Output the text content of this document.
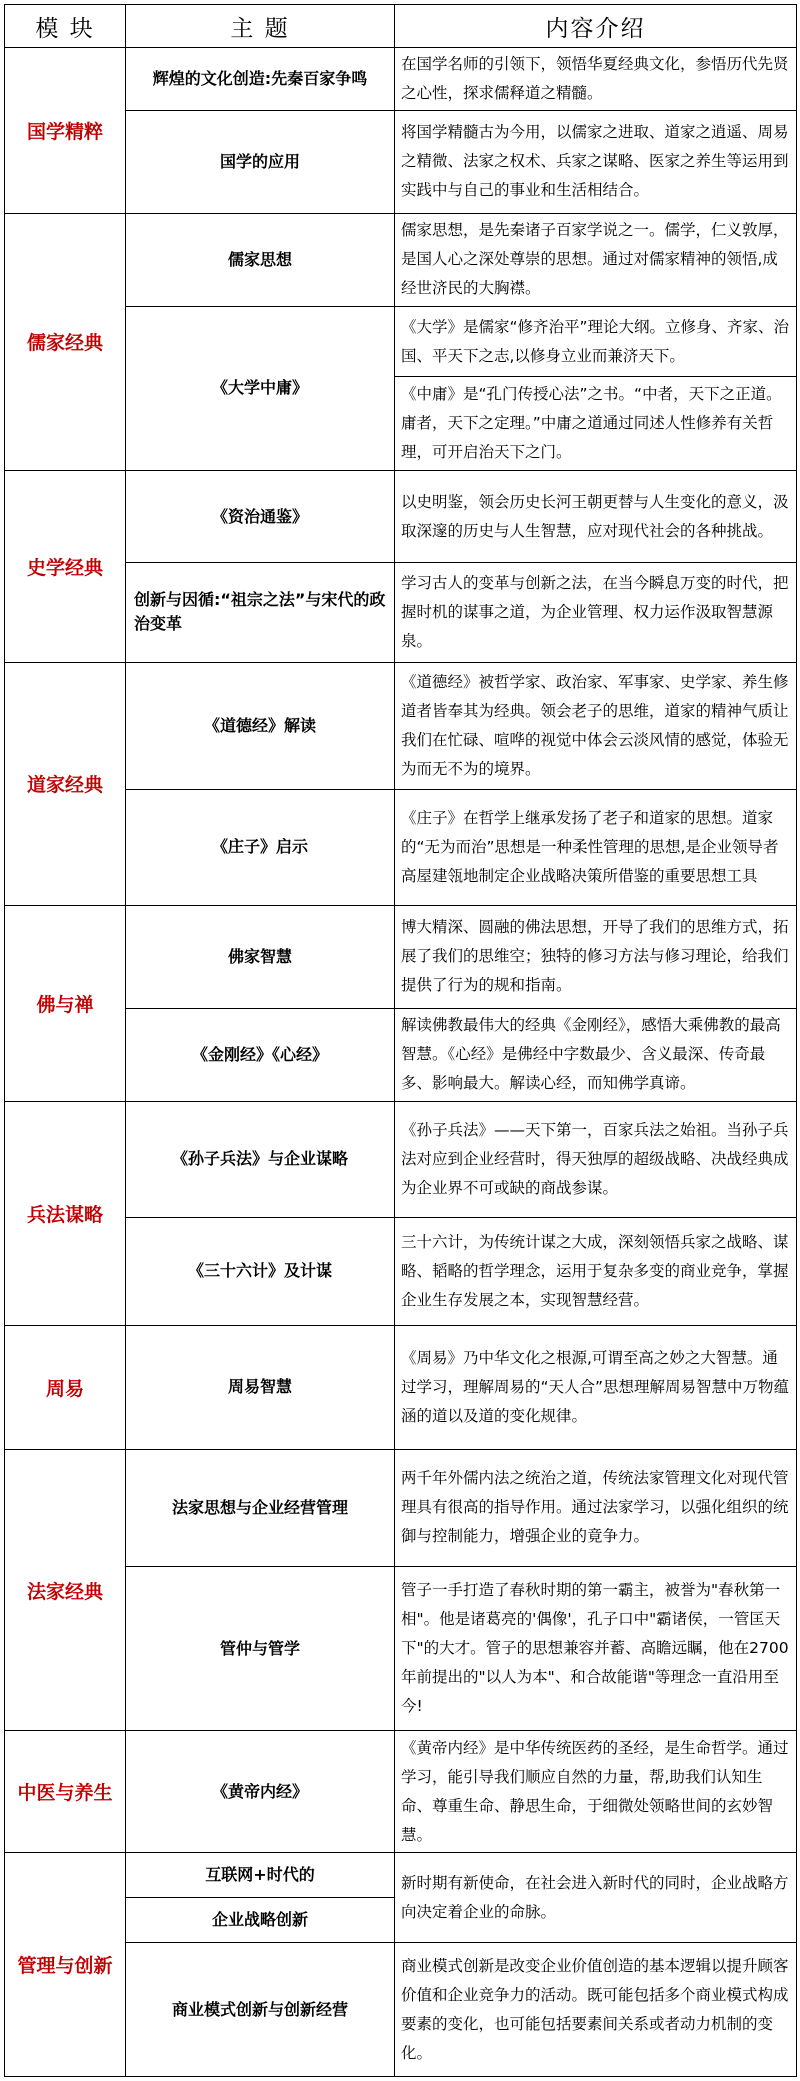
模 块	主 题	内容介绍
国学精粹	辉煌的文化创造:先秦百家争鸣	在国学名师的引领下，领悟华夏经典文化，参悟历代先贤之心性，探求儒释道之精髓。
	国学的应用	将国学精髓古为今用，以儒家之进取、道家之逍遥、周易之精微、法家之权术、兵家之谋略、医家之养生等运用到实践中与自己的事业和生活相结合。
儒家经典	儒家思想	儒家思想，是先秦诸子百家学说之一。儒学，仁义敦厚，是国人心之深处尊崇的思想。通过对儒家精神的领悟,成经世济民的大胸襟。
	《大学中庸》	《大学》是儒家“修齐治平”理论大纲。立修身、齐家、治国、平天下之志,以修身立业而兼济天下。
		《中庸》是“孔门传授心法”之书。“中者，天下之正道。庸者，天下之定理。”中庸之道通过同述人性修养有关哲理，可开启治天下之门。
史学经典	《资治通鉴》	以史明鉴，领会历史长河王朝更替与人生变化的意义，汲取深邃的历史与人生智慧，应对现代社会的各种挑战。
	创新与因循:“祖宗之法”与宋代的政治变革	学习古人的变革与创新之法，在当今瞬息万变的时代，把握时机的谋事之道，为企业管理、权力运作汲取智慧源泉。
道家经典	《道德经》解读	《道德经》被哲学家、政治家、军事家、史学家、养生修道者皆奉其为经典。领会老子的思维，道家的精神气质让我们在忙碌、喧哗的视觉中体会云淡风情的感觉，体验无为而无不为的境界。
	《庄子》启示	《庄子》在哲学上继承发扬了老子和道家的思想。道家的“无为而治”思想是一种柔性管理的思想,是企业领导者高屋建瓴地制定企业战略决策所借鉴的重要思想工具
佛与禅	佛家智慧	博大精深、圆融的佛法思想，开导了我们的思维方式，拓展了我们的思维空；独特的修习方法与修习理论，给我们提供了行为的规和指南。
	《金刚经》《心经》	解读佛教最伟大的经典《金刚经》，感悟大乘佛教的最高智慧。《心经》是佛经中字数最少、含义最深、传奇最多、影响最大。解读心经，而知佛学真谛。
兵法谋略	《孙子兵法》与企业谋略	《孙子兵法》——天下第一，百家兵法之始祖。当孙子兵法对应到企业经营时，得天独厚的超级战略、决战经典成为企业界不可或缺的商战参谋。
	《三十六计》及计谋	三十六计，为传统计谋之大成，深刻领悟兵家之战略、谋略、韬略的哲学理念，运用于复杂多变的商业竞争，掌握企业生存发展之本，实现智慧经营。
周易	周易智慧	《周易》乃中华文化之根源,可谓至高之妙之大智慧。通过学习，理解周易的“天人合”思想理解周易智慧中万物蕴涵的道以及道的变化规律。
法家经典	法家思想与企业经营管理	两千年外儒内法之统治之道，传统法家管理文化对现代管理具有很高的指导作用。通过法家学习，以强化组织的统御与控制能力，增强企业的竟争力。
	管仲与管学	管子一手打造了春秋时期的第一霸主，被誉为"春秋第一相"。他是诸葛亮的'偶像'，孔子口中"霸诸侯，一管匡天下"的大才。管子的思想兼容并蓄、高瞻远瞩，他在2700年前提出的"以人为本"、和合故能谐"等理念一直沿用至今!
中医与养生	《黄帝内经》	《黄帝内经》是中华传统医药的圣经，是生命哲学。通过学习，能引导我们顺应自然的力量，帮,助我们认知生命、尊重生命、静思生命，于细微处领略世间的玄妙智慧。
管理与创新	互联网+时代的	新时期有新使命，在社会进入新时代的同时，企业战略方向决定着企业的命脉。
	企业战略创新	
	商业模式创新与创新经营	商业模式创新是改变企业价值创造的基本逻辑以提升顾客价值和企业竞争力的活动。既可能包括多个商业模式构成要素的变化，也可能包括要素间关系或者动力机制的变化。
